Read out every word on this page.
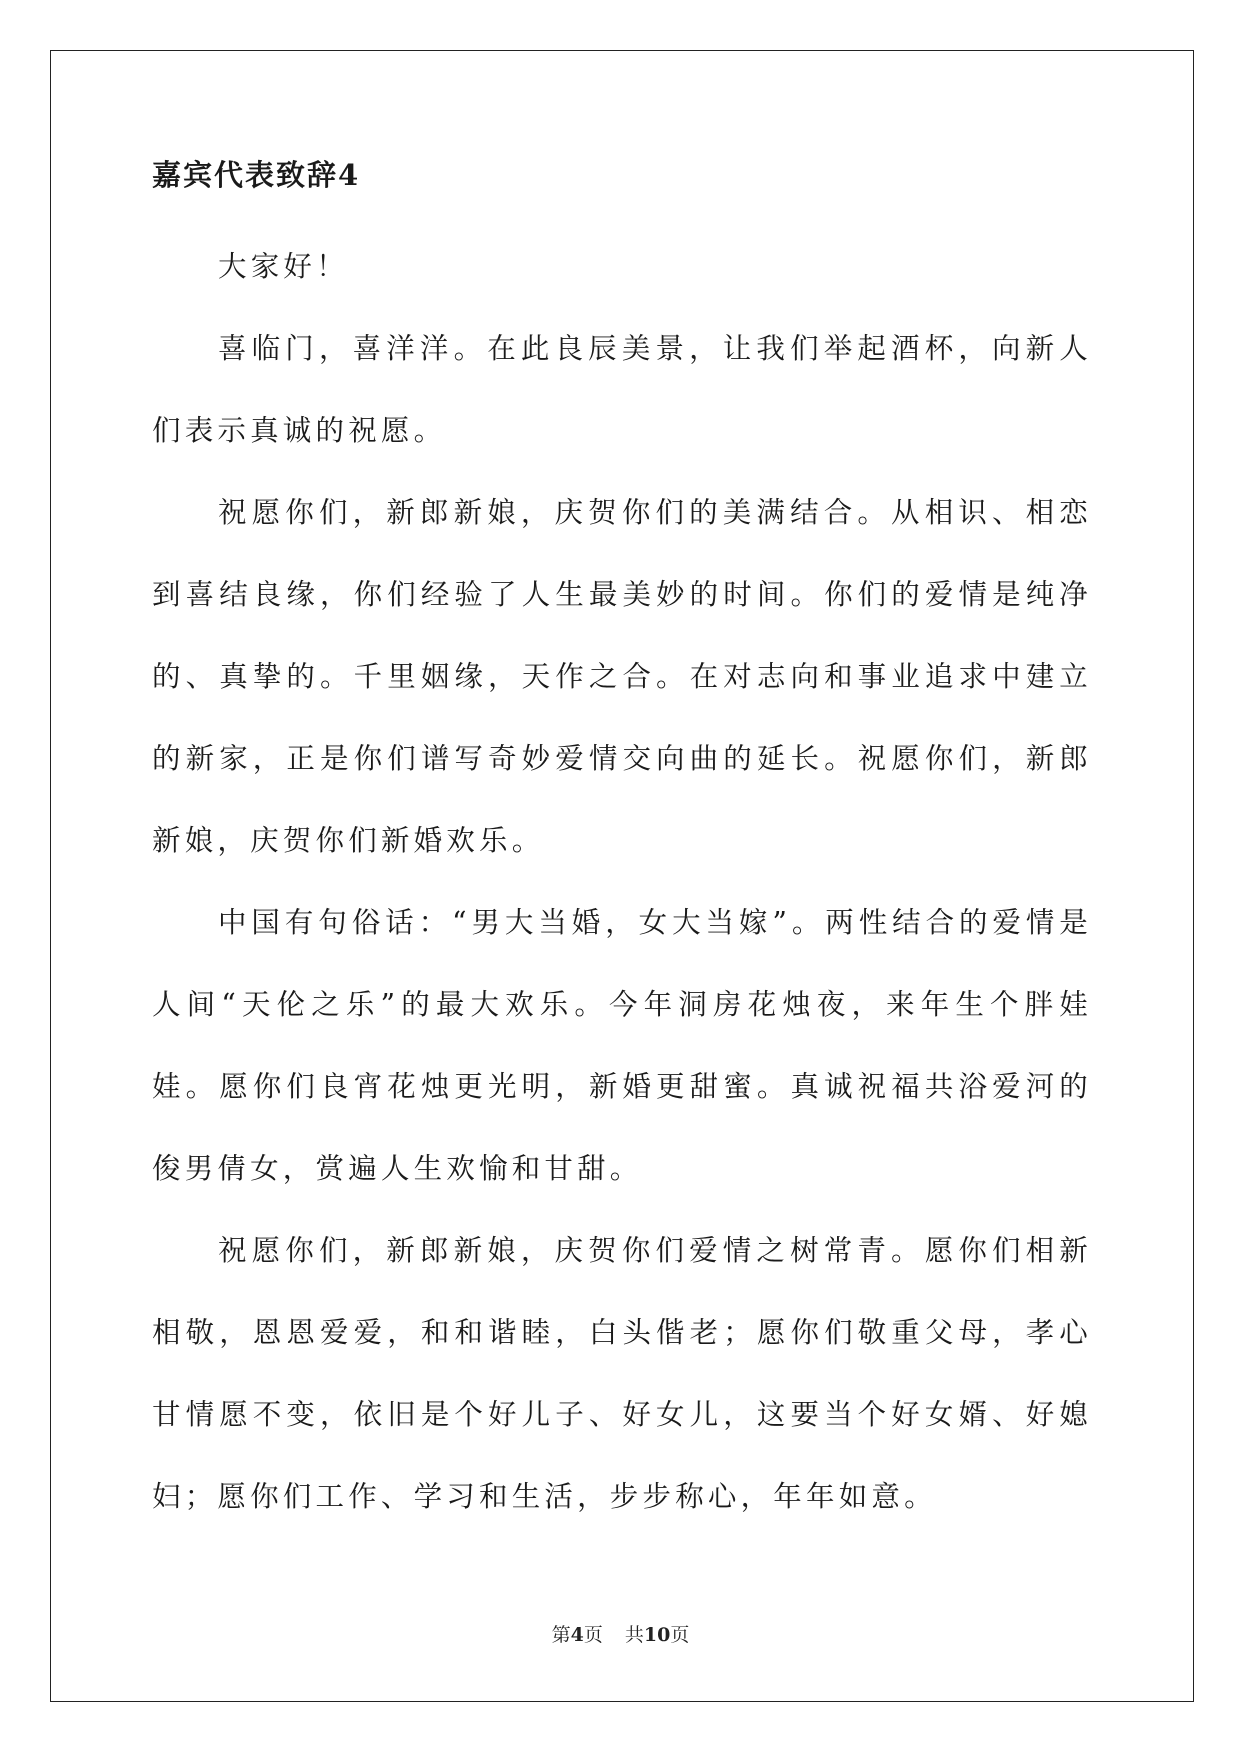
嘉宾代表致辞4

大家好！

喜临门，喜洋洋。在此良辰美景，让我们举起酒杯，向新人们表示真诚的祝愿。

祝愿你们，新郎新娘，庆贺你们的美满结合。从相识、相恋到喜结良缘，你们经验了人生最美妙的时间。你们的爱情是纯净的、真挚的。千里姻缘，天作之合。在对志向和事业追求中建立的新家，正是你们谱写奇妙爱情交向曲的延长。祝愿你们，新郎新娘，庆贺你们新婚欢乐。

中国有句俗话：“男大当婚，女大当嫁”。两性结合的爱情是人间“天伦之乐”的最大欢乐。今年洞房花烛夜，来年生个胖娃娃。愿你们良宵花烛更光明，新婚更甜蜜。真诚祝福共浴爱河的俊男倩女，赏遍人生欢愉和甘甜。

祝愿你们，新郎新娘，庆贺你们爱情之树常青。愿你们相新相敬，恩恩爱爱，和和谐睦，白头偕老；愿你们敬重父母，孝心甘情愿不变，依旧是个好儿子、好女儿，这要当个好女婿、好媳妇；愿你们工作、学习和生活，步步称心，年年如意。

第4页 共10页
